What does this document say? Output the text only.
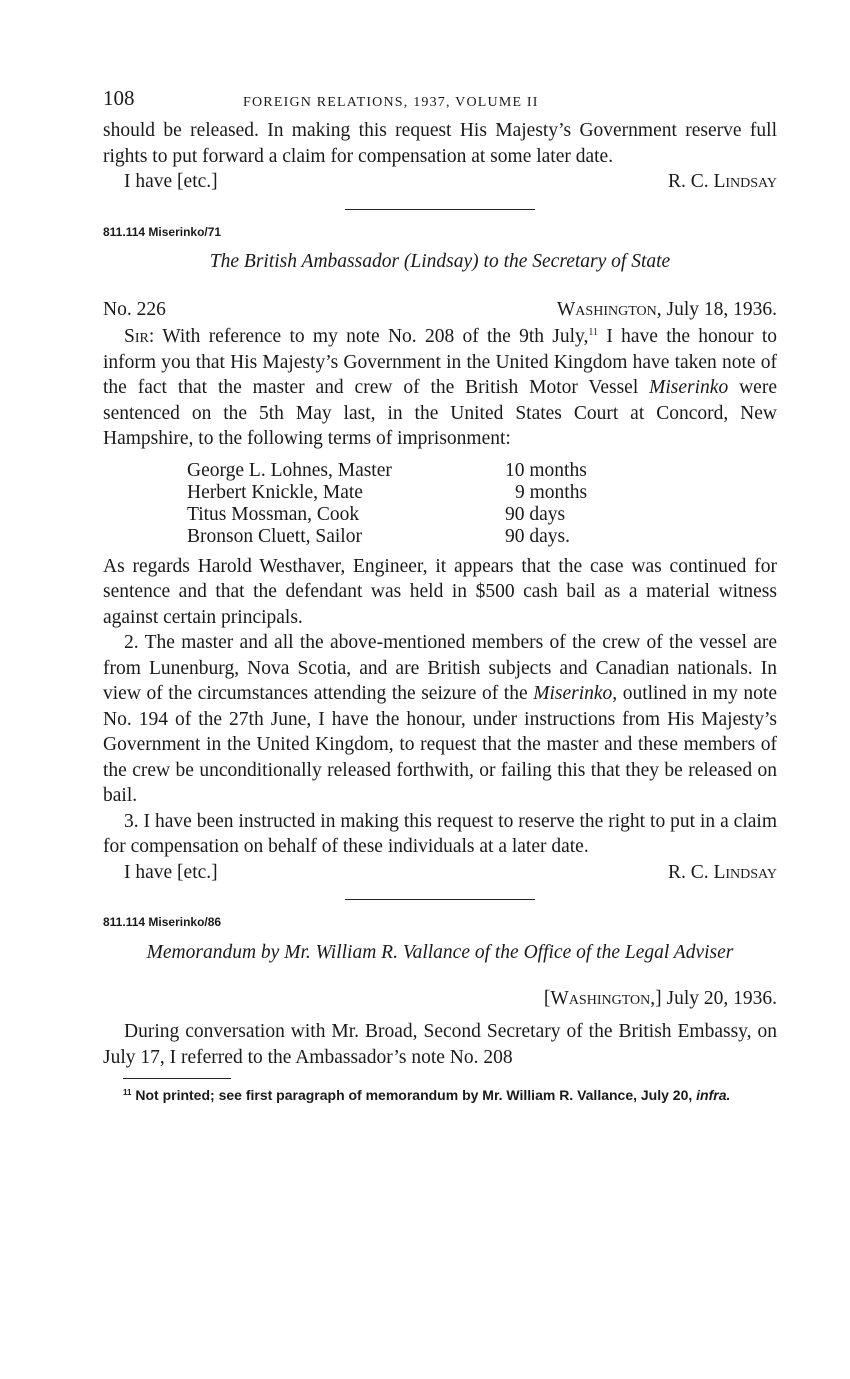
108	FOREIGN RELATIONS, 1937, VOLUME II

should be released. In making this request His Majesty’s Government reserve full rights to put forward a claim for compensation at some later date.

I have [etc.]	R. C. Lindsay
811.114 Miserinko/71
The British Ambassador (Lindsay) to the Secretary of State
No. 226	Washington, July 18, 1936.

Sir: With reference to my note No. 208 of the 9th July,$^{11}$ I have the honour to inform you that His Majesty’s Government in the United Kingdom have taken note of the fact that the master and crew of the British Motor Vessel Miserinko were sentenced on the 5th May last, in the United States Court at Concord, New Hampshire, to the following terms of imprisonment:

George L. Lohnes, Master	10 months
Herbert Knickle, Mate	9 months
Titus Mossman, Cook	90 days
Bronson Cluett, Sailor	90 days.

As regards Harold Westhaver, Engineer, it appears that the case was continued for sentence and that the defendant was held in $500 cash bail as a material witness against certain principals.

2. The master and all the above-mentioned members of the crew of the vessel are from Lunenburg, Nova Scotia, and are British subjects and Canadian nationals. In view of the circumstances attending the seizure of the Miserinko, outlined in my note No. 194 of the 27th June, I have the honour, under instructions from His Majesty’s Government in the United Kingdom, to request that the master and these members of the crew be unconditionally released forthwith, or failing this that they be released on bail.

3. I have been instructed in making this request to reserve the right to put in a claim for compensation on behalf of these individuals at a later date.

I have [etc.]	R. C. Lindsay
811.114 Miserinko/86
Memorandum by Mr. William R. Vallance of the Office of the Legal Adviser
[Washington,] July 20, 1936.

During conversation with Mr. Broad, Second Secretary of the British Embassy, on July 17, I referred to the Ambassador’s note No. 208

$^{11}$ Not printed; see first paragraph of memorandum by Mr. William R. Vallance, July 20, infra.
